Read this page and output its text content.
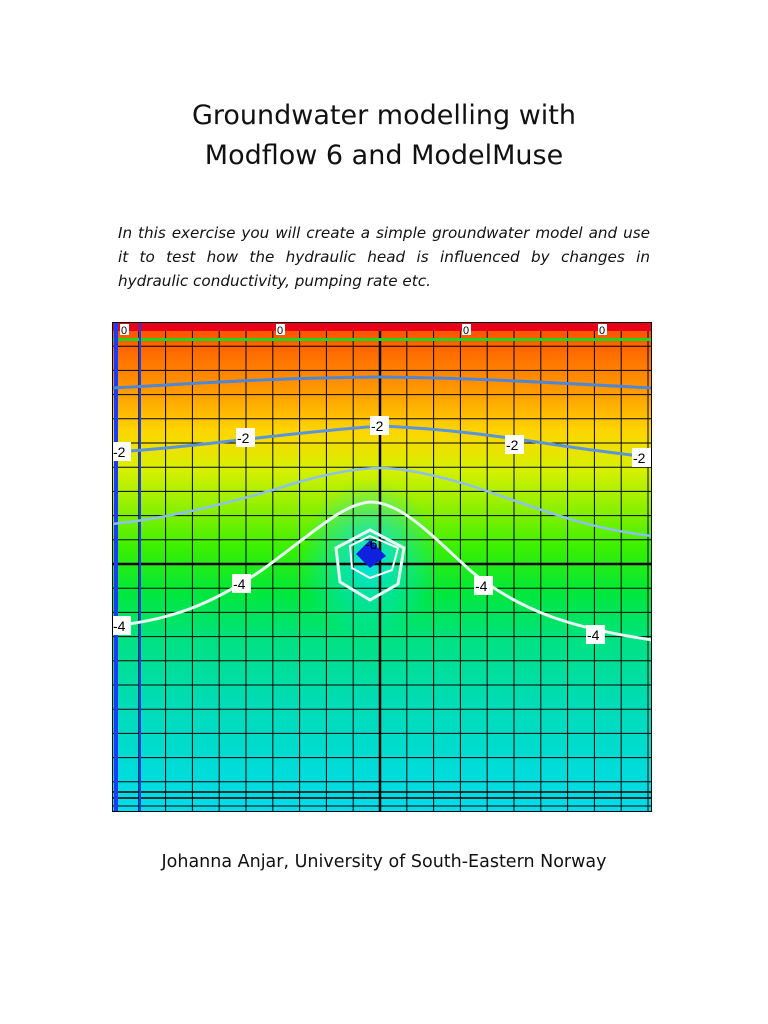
Groundwater modelling with
Modflow 6 and ModelMuse

In this exercise you will create a simple groundwater model and use it to test how the hydraulic head is influenced by changes in hydraulic conductivity, pumping rate etc.

-2
-2
-2
-2
-2
-4	-4
-4
-4
-6
0	0	0	0
Johanna Anjar, University of South-Eastern Norway
